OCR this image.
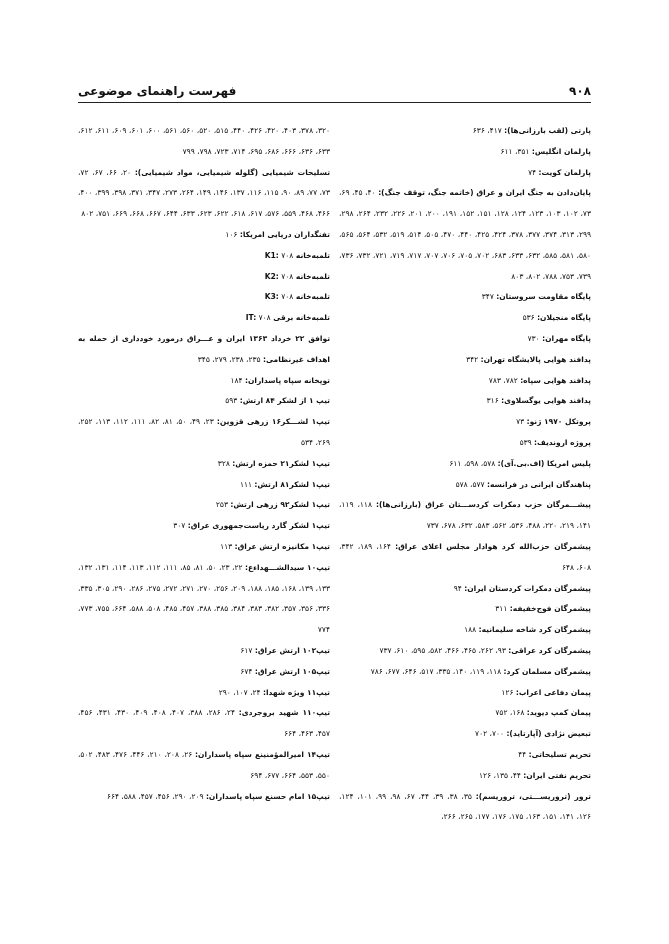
۹۰۸
فهرست راهنمای موضوعی
پارتی (لقب بارزانی‌ها): ۴۱۷، ۶۳۶
پارلمان انگلیس: ۳۵۱، ۶۱۱
پارلمان کویت: ۷۴
پایان‌دادن به جنگ ایران و عراق (خاتمه جنگ، توقف جنگ): ۴۰، ۴۵، ۶۹، ۷۳، ۱۰۲، ۱۰۳، ۱۲۳، ۱۲۴، ۱۲۸، ۱۵۱، ۱۵۲، ۱۹۱، ۲۰۰، ۲۰۱، ۲۲۶، ۲۳۲، ۲۶۴، ۲۹۸، ۲۹۹، ۳۱۳، ۳۷۴، ۳۷۷، ۳۷۸، ۴۲۴، ۴۲۵، ۴۴۰، ۴۷۰، ۵۰۵، ۵۱۴، ۵۱۹، ۵۳۲، ۵۶۴، ۵۶۵، ۵۸۰، ۵۸۱، ۵۸۵، ۶۳۲، ۶۳۳، ۶۸۳، ۷۰۲، ۷۰۵، ۷۰۶، ۷۰۷، ۷۱۷، ۷۱۹، ۷۲۱، ۷۳۲، ۷۳۶، ۷۳۹، ۷۵۳، ۷۸۸، ۸۰۲، ۸۰۳
پایگاه مقاومت سروستان: ۳۴۷
پایگاه منجیلان: ۵۳۶
پایگاه مهران: ۷۳۰
پدافند هوایی پالایشگاه تهران: ۳۴۲
پدافند هوایی سپاه: ۷۸۲، ۷۸۳
پدافند هوایی یوگسلاوی: ۳۱۶
پروتکل ۱۹۷۰ ژنو: ۷۳
پروژه اروندیف: ۵۳۹
پلیس امریکا (اف.بی.آی): ۵۷۸، ۵۹۸، ۶۱۱
پناهندگان ایرانی در فرانسه: ۵۷۷، ۵۷۸
پیشـــمرگان حزب دمکرات کردســـتان عراق (بارزانی‌ها): ۱۱۸، ۱۱۹، ۱۴۱، ۲۱۹، ۲۲۰، ۴۸۸، ۵۳۶، ۵۶۲، ۵۸۳، ۶۳۲، ۶۷۸، ۷۳۷
پیشمرگان حزب‌الله کرد هوادار مجلس اعلای عراق: ۱۶۴، ۱۸۹، ۳۴۲، ۶۰۸، ۶۴۸
پیشمرگان دمکرات کردستان ایران: ۹۴
پیشمرگان فوج‌خفیفه: ۳۱۱
پیشمرگان کرد شاخه سلیمانیه: ۱۸۸
پیشمرگان کرد عراقی: ۹۳، ۲۶۲، ۴۶۵، ۴۶۶، ۵۸۲، ۵۹۵، ۶۱۰، ۷۳۷
پیشمرگان مسلمان کرد: ۱۱۸، ۱۱۹، ۱۴۰، ۳۳۵، ۵۱۷، ۶۴۶، ۶۷۷، ۷۸۶
پیمان دفاعی اعراب: ۱۲۶
پیمان کمپ دیوید: ۱۶۸، ۷۵۲
تبعیض نژادی (آپارتاید): ۷۰۰، ۷۰۲
تحریم تسلیحاتی: ۴۴
تحریم نفتی ایران: ۴۴، ۱۳۵، ۱۲۶
ترور (تروریســـتی، تروریسم): ۳۵، ۳۸، ۳۹، ۴۴، ۶۷، ۹۸، ۹۹، ۱۰۱، ۱۲۴، ۱۲۶، ۱۴۱، ۱۵۱، ۱۶۳، ۱۷۵، ۱۷۶، ۱۷۷، ۲۶۵، ۲۶۶،
۳۲۰، ۳۷۸، ۴۰۳، ۴۲۰، ۴۲۶، ۴۴۰، ۵۱۵، ۵۲۰، ۵۶۰، ۵۶۱، ۶۰۰، ۶۰۱، ۶۰۹، ۶۱۱، ۶۱۲، ۶۳۳، ۶۳۶، ۶۶۶، ۶۸۶، ۶۹۵، ۷۱۴، ۷۲۳، ۷۹۸، ۷۹۹
تسلیحات شیمیایی (گلوله شیمیایی، مواد شیمیایی): ۲۰، ۶۶، ۶۷، ۷۲، ۷۳، ۷۷، ۸۹، ۹۰، ۱۱۵، ۱۱۶، ۱۳۷، ۱۴۶، ۱۴۹، ۲۶۴، ۲۷۳، ۳۴۷، ۳۷۱، ۳۹۸، ۳۹۹، ۴۰۰، ۴۶۶، ۴۶۸، ۵۵۹، ۵۷۶، ۶۱۷، ۶۱۸، ۶۲۲، ۶۲۳، ۶۳۳، ۶۴۴، ۶۶۷، ۶۶۸، ۶۶۹، ۷۵۱، ۸۰۲
تفنگداران دریایی امریکا: ۱۰۶
تلمبه‌خانه K1: ۷۰۸
تلمبه‌خانه K2: ۷۰۸
تلمبه‌خانه K3: ۷۰۸
تلمبه‌خانه برقی IT: ۷۰۸
توافق ۲۲ خرداد ۱۳۶۳ ایران و عـــراق درمورد خودداری از حمله به اهداف غیرنظامی: ۲۳۵، ۲۳۸، ۲۷۹، ۳۴۵
توپخانه سپاه پاسداران: ۱۸۴
تیپ ۱ از لشکر ۸۴ ارتش: ۵۹۳
تیپ۱ لشـــکر۱۶ زرهی قزوین: ۲۳، ۴۹، ۵۰، ۸۱، ۸۲، ۱۱۱، ۱۱۲، ۱۱۳، ۲۵۲، ۲۶۹، ۵۳۴
تیپ۱ لشکر۲۱ حمزه ارتش: ۳۲۸
تیپ۱ لشکر۸۱ ارتش: ۱۱۱
تیپ۱ لشکر۹۲ زرهی ارتش: ۲۵۳
تیپ۱ لشکر گارد ریاست‌جمهوری عراق: ۳۰۷
تیپ۱ مکانیزه ارتش عراق: ۱۱۳
تیپ۱۰ سیدالشـــهداءع: ۲۲، ۲۳، ۵۰، ۸۱، ۸۵، ۱۱۱، ۱۱۲، ۱۱۳، ۱۱۴، ۱۳۱، ۱۳۲، ۱۳۳، ۱۳۹، ۱۶۸، ۱۸۵، ۱۸۸، ۲۰۹، ۲۵۶، ۲۷۰، ۲۷۱، ۲۷۲، ۲۷۵، ۲۸۶، ۲۹۰، ۳۰۵، ۳۳۵، ۳۳۶، ۳۵۶، ۳۵۷، ۳۸۲، ۳۸۳، ۳۸۴، ۳۸۵، ۳۸۸، ۴۵۷، ۴۸۵، ۵۰۸، ۵۸۸، ۶۶۴، ۷۵۵، ۷۷۳، ۷۷۴
تیپ۱۰۲ ارتش عراق: ۶۱۷
تیپ۱۰۵ ارتش عراق: ۶۷۴
تیپ۱۱ ویژه شهدا: ۲۴، ۱۰۷، ۲۹۰
تیپ۱۱۰ شهید بروجردی: ۲۴، ۲۸۶، ۳۸۸، ۴۰۷، ۴۰۸، ۴۰۹، ۴۳۰، ۴۳۱، ۴۵۶، ۴۵۷، ۴۶۳، ۶۶۴
تیپ۱۴ امیرالمؤمنینع سپاه پاسداران: ۲۶، ۲۰۸، ۲۱۰، ۴۴۶، ۴۷۶، ۴۸۳، ۵۰۲، ۵۵۰، ۵۵۳، ۶۶۴، ۶۷۷، ۶۹۴
تیپ۱۵ امام حسنع سپاه پاسداران: ۲۰۹، ۲۹۰، ۴۵۶، ۴۵۷، ۵۸۸، ۶۶۴
